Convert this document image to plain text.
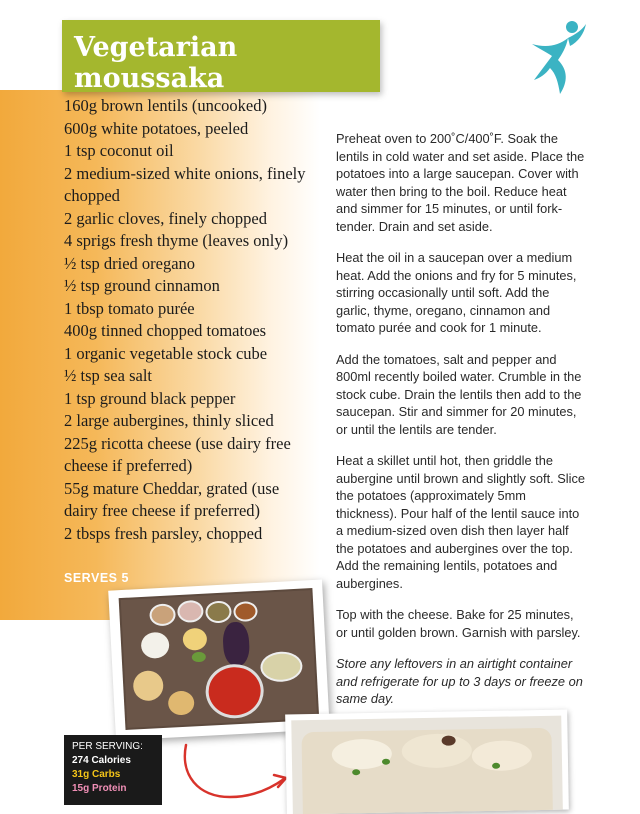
Vegetarian moussaka
160g brown lentils (uncooked)
600g white potatoes, peeled
1 tsp coconut oil
2 medium-sized white onions, finely chopped
2 garlic cloves, finely chopped
4 sprigs fresh thyme (leaves only)
½ tsp dried oregano
½ tsp ground cinnamon
1 tbsp tomato purée
400g tinned chopped tomatoes
1 organic vegetable stock cube
½ tsp sea salt
1 tsp ground black pepper
2 large aubergines, thinly sliced
225g ricotta cheese (use dairy free cheese if preferred)
55g mature Cheddar, grated (use dairy free cheese if preferred)
2 tbsps fresh parsley, chopped
SERVES 5

Preheat oven to 200˚C/400˚F. Soak the lentils in cold water and set aside. Place the potatoes into a large saucepan. Cover with water then bring to the boil. Reduce heat and simmer for 15 minutes, or until fork-tender. Drain and set aside.

Heat the oil in a saucepan over a medium heat. Add the onions and fry for 5 minutes, stirring occasionally until soft. Add the garlic, thyme, oregano, cinnamon and tomato purée and cook for 1 minute.

Add the tomatoes, salt and pepper and 800ml recently boiled water. Crumble in the stock cube. Drain the lentils then add to the saucepan. Stir and simmer for 20 minutes, or until the lentils are tender.

Heat a skillet until hot, then griddle the aubergine until brown and slightly soft. Slice the potatoes (approximately 5mm thickness). Pour half of the lentil sauce into a medium-sized oven dish then layer half the potatoes and aubergines over the top. Add the remaining lentils, potatoes and aubergines.

Top with the cheese. Bake for 25 minutes, or until golden brown. Garnish with parsley.

Store any leftovers in an airtight container and refrigerate for up to 3 days or freeze on same day.

PER SERVING:
274 Calories
31g Carbs
15g Protein
